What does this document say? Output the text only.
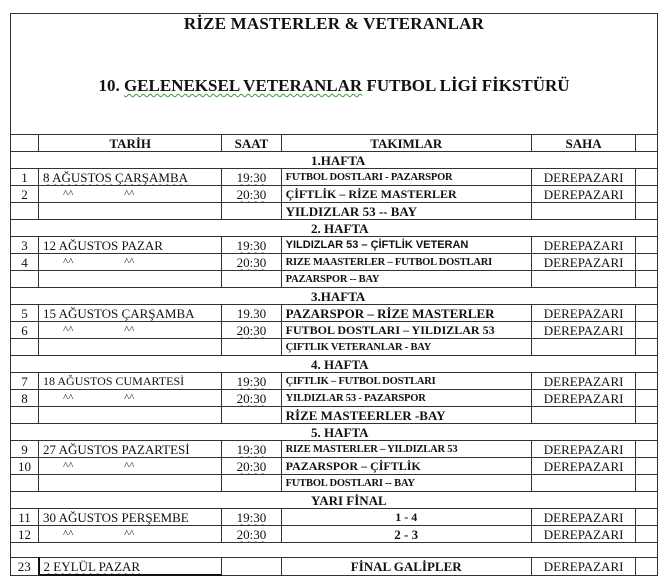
RİZE MASTERLER & VETERANLAR
10. GELENEKSEL VETERANLAR FUTBOL LİGİ FİKSTÜRÜ
	TARİH	SAAT	TAKIMLAR	SAHA	
1.HAFTA					
1	8 AĞUSTOS ÇARŞAMBA	19:30	FUTBOL DOSTLARI - PAZARSPOR	DEREPAZARI	
2	^^ ^^	20:30	ÇİFTLİK – RİZE MASTERLER	DEREPAZARI	
			YILDIZLAR 53 -- BAY		
2. HAFTA					
3	12 AĞUSTOS PAZAR	19:30	YILDIZLAR 53 – ÇİFTLİK VETERAN	DEREPAZARI	
4	^^ ^^	20:30	RIZE MAASTERLER – FUTBOL DOSTLARI	DEREPAZARI	
			PAZARSPOR -- BAY		
3.HAFTA					
5	15 AĞUSTOS ÇARŞAMBA	19.30	PAZARSPOR – RİZE MASTERLER	DEREPAZARI	
6	^^ ^^	20:30	FUTBOL DOSTLARI – YILDIZLAR 53	DEREPAZARI	
			ÇIFTLIK VETERANLAR - BAY		
4. HAFTA					
7	18 AĞUSTOS CUMARTESİ	19:30	ÇIFTLIK – FUTBOL DOSTLARI	DEREPAZARI	
8	^^ ^^	20:30	YILDIZLAR 53 - PAZARSPOR	DEREPAZARI	
			RİZE MASTEERLER -BAY		
5. HAFTA					
9	27 AĞUSTOS PAZARTESİ	19:30	RIZE MASTERLER – YILDIZLAR 53	DEREPAZARI	
10	^^ ^^	20:30	PAZARSPOR – ÇİFTLİK	DEREPAZARI	
			FUTBOL DOSTLARI -- BAY		
YARI FİNAL					
11	30 AĞUSTOS PERŞEMBE	19:30	1 - 4	DEREPAZARI	
12	^^ ^^	20:30	2 - 3	DEREPAZARI	

23	2 EYLÜL PAZAR		FİNAL GALİPLER	DEREPAZARI	
